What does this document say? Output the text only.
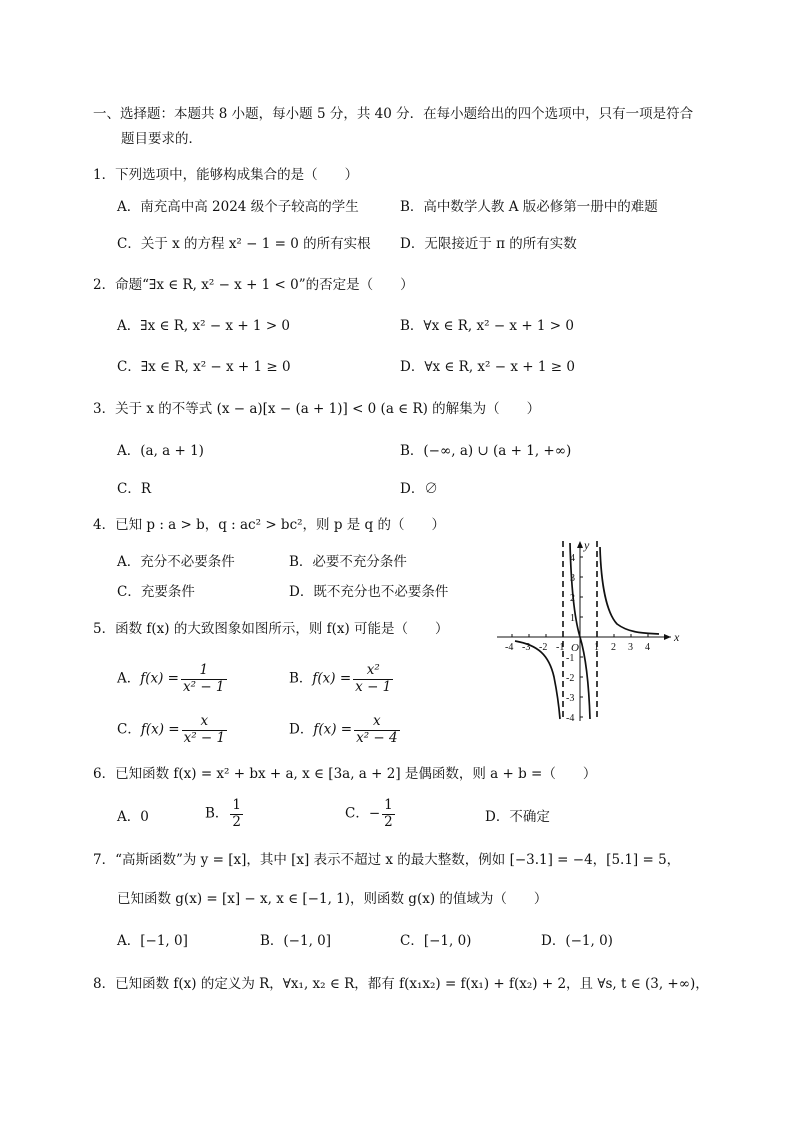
一、选择题：本题共 8 小题，每小题 5 分，共 40 分．在每小题给出的四个选项中，只有一项是符合
题目要求的．
1．下列选项中，能够构成集合的是（　　）
A．南充高中高 2024 级个子较高的学生	B．高中数学人教 A 版必修第一册中的难题
C．关于 x 的方程 x² − 1 = 0 的所有实根 D．无限接近于 π 的所有实数
2．命题“∃x ∈ R, x² − x + 1 < 0”的否定是（　　）
A．∃x ∈ R, x² − x + 1 > 0	B．∀x ∈ R, x² − x + 1 > 0
C．∃x ∈ R, x² − x + 1 ≥ 0	D．∀x ∈ R, x² − x + 1 ≥ 0
3．关于 x 的不等式 (x − a)[x − (a + 1)] < 0 (a ∈ R) 的解集为（　　）
A．(a, a + 1)	B．(−∞, a) ∪ (a + 1, +∞)
C．R	D．∅
4．已知 p : a > b，q : ac² > bc²，则 p 是 q 的（　　）
A．充分不必要条件	B．必要不充分条件
C．充要条件	D．既不充分也不必要条件
5．函数 f(x) 的大致图象如图所示，则 f(x) 可能是（　　）
A．$f(x) = \frac{1}{\text{x² − 1}}$	B．$f(x) = \frac{\text{x²}}{x - 1}$
C．$f(x) = \frac{x}{\text{x² − 1}}$	D．$f(x) = \frac{x}{\text{x² − 4}}$
-4 -3 -2 -1	1 2 3 4
4
3
2
1
-1
-2
-3
-4
x
y
O
6．已知函数 f(x) = x² + bx + a, x ∈ [3a, a + 2] 是偶函数，则 a + b =（　　）
A．0	B． $\frac{1}{2}$	C．− $\frac{1}{2}$	D．不确定
7．“高斯函数”为 y = [x]，其中 [x] 表示不超过 x 的最大整数，例如 [−3.1] = −4，[5.1] = 5，
已知函数 g(x) = [x] − x, x ∈ [−1, 1)，则函数 g(x) 的值域为（　　）
A．[−1, 0]	B．(−1, 0]	C．[−1, 0)	D．(−1, 0)
8．已知函数 f(x) 的定义为 R，∀x₁, x₂ ∈ R，都有 f(x₁x₂) = f(x₁) + f(x₂) + 2，且 ∀s, t ∈ (3, +∞)，
